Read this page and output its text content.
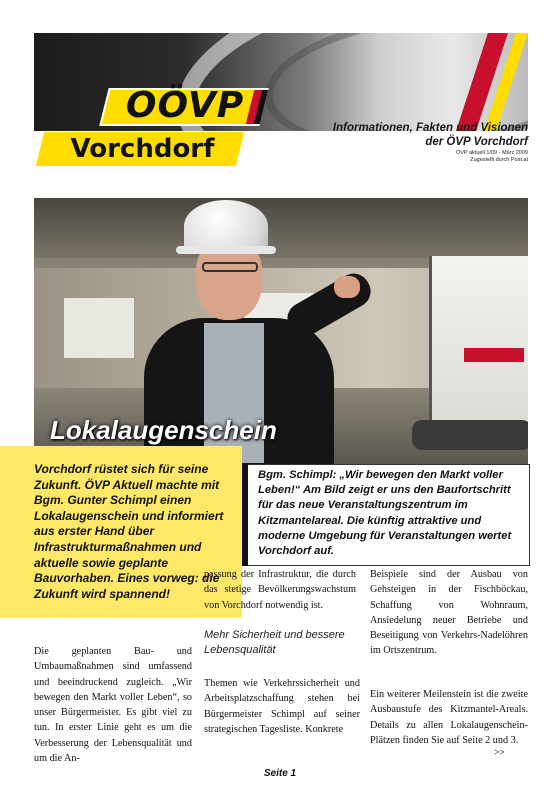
OÖVP
Vorchdorf
Informationen, Fakten und Visionen
der ÖVP Vorchdorf
ÖVP aktuell 1/09 - März 2009
Zugestellt durch Post.at
Lokalaugenschein
Vorchdorf rüstet sich für seine Zukunft. ÖVP Aktuell machte mit Bgm. Gunter Schimpl einen Lokalaugenschein und informiert aus erster Hand über Infrastrukturmaßnahmen und aktuelle sowie geplante Bauvorhaben. Eines vorweg: die Zukunft wird spannend!
Bgm. Schimpl: „Wir bewegen den Markt voller Leben!“ Am Bild zeigt er uns den Baufortschritt für das neue Veranstaltungszentrum im Kitzmantelareal. Die künftig attraktive und moderne Umgebung für Veranstaltungen wertet Vorchdorf auf.
Die geplanten Bau- und Umbaumaßnahmen sind umfassend und beeindruckend zugleich. „Wir bewegen den Markt voller Leben“, so unser Bürgermeister. Es gibt viel zu tun. In erster Linie geht es um die Verbesserung der Lebensqualität und um die An-
passung der Infrastruktur, die durch das stetige Bevölkerungswachstum von Vorchdorf notwendig ist.
Mehr Sicherheit und bessere Lebensqualität
Themen wie Verkehrssicherheit und Arbeitsplatzschaffung stehen bei Bürgermeister Schimpl auf seiner strategischen Tagesliste. Konkrete
Beispiele sind der Ausbau von Gehsteigen in der Fischböckau, Schaffung von Wohnraum, Ansiedelung neuer Betriebe und Beseitigung von Verkehrs-Nadelöhren im Ortszentrum.
Ein weiterer Meilenstein ist die zweite Ausbaustufe des Kitzmantel-Areals. Details zu allen Lokalaugenschein-Plätzen finden Sie auf Seite 2 und 3.
>>
Seite 1
